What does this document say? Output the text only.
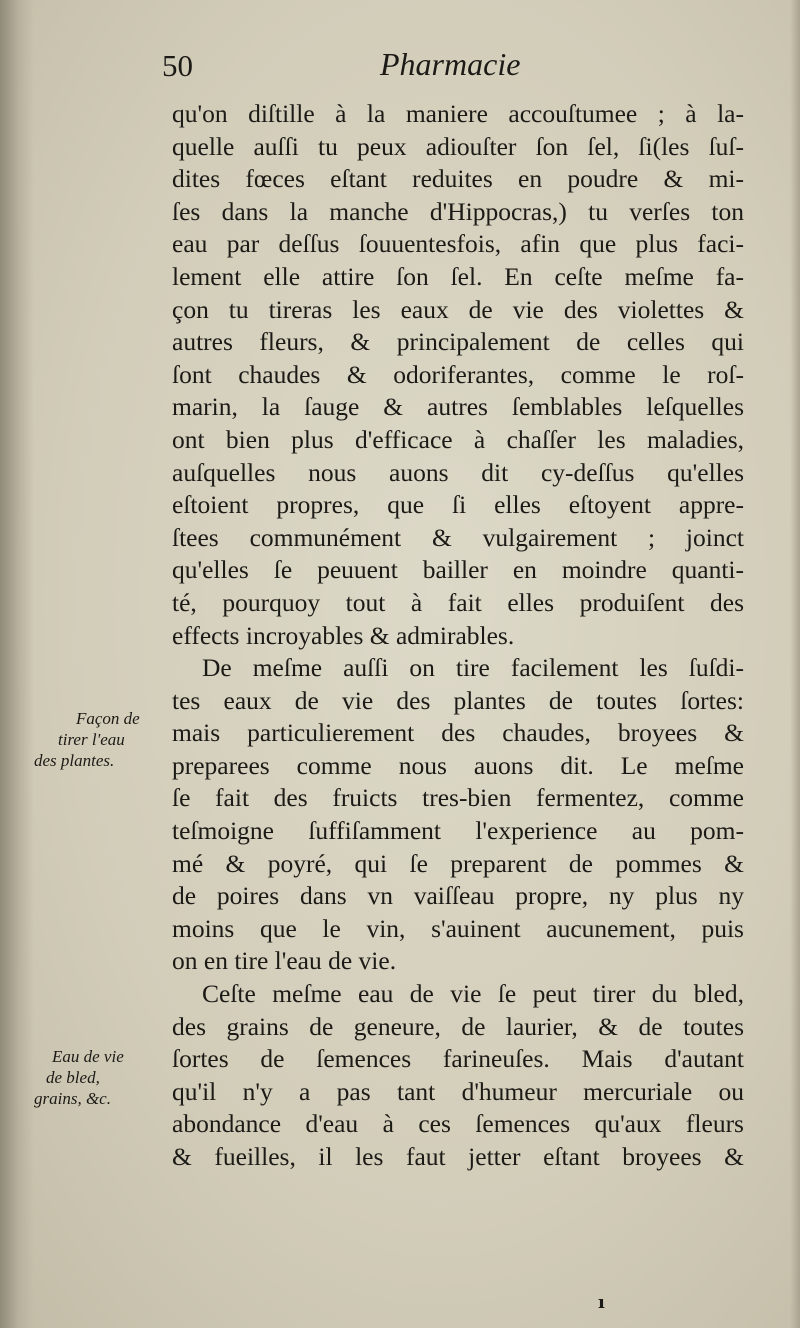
50	Pharmacie
qu'on diſtille à la maniere accouſtumee ; à la-
quelle auſſi tu peux adiouſter ſon ſel, ſi(les ſuſ-
dites fœces eſtant reduites en poudre & mi-
ſes dans la manche d'Hippocras,) tu verſes ton
eau par deſſus ſouuentesfois, afin que plus faci-
lement elle attire ſon ſel. En ceſte meſme fa-
çon tu tireras les eaux de vie des violettes &
autres fleurs, & principalement de celles qui
ſont chaudes & odoriferantes, comme le roſ-
marin, la ſauge & autres ſemblables leſquelles
ont bien plus d'efficace à chaſſer les maladies,
auſquelles nous auons dit cy-deſſus qu'elles
eſtoient propres, que ſi elles eſtoyent appre-
ſtees communément & vulgairement ; joinct
qu'elles ſe peuuent bailler en moindre quanti-
té, pourquoy tout à fait elles produiſent des
effects incroyables & admirables.
De meſme auſſi on tire facilement les ſuſdi-
tes eaux de vie des plantes de toutes ſortes:
mais particulierement des chaudes, broyees &
preparees comme nous auons dit. Le meſme
ſe fait des fruicts tres-bien fermentez, comme
teſmoigne ſuffiſamment l'experience au pom-
mé & poyré, qui ſe preparent de pommes &
de poires dans vn vaiſſeau propre, ny plus ny
moins que le vin, s'auinent aucunement, puis
on en tire l'eau de vie.
Ceſte meſme eau de vie ſe peut tirer du bled,
des grains de geneure, de laurier, & de toutes
ſortes de ſemences farineuſes. Mais d'autant
qu'il n'y a pas tant d'humeur mercuriale ou
abondance d'eau à ces ſemences qu'aux fleurs
& fueilles, il les faut jetter eſtant broyees &
Façon de
tirer l'eau
des plantes.
Eau de vie
de bled,
grains, &c.
ı
